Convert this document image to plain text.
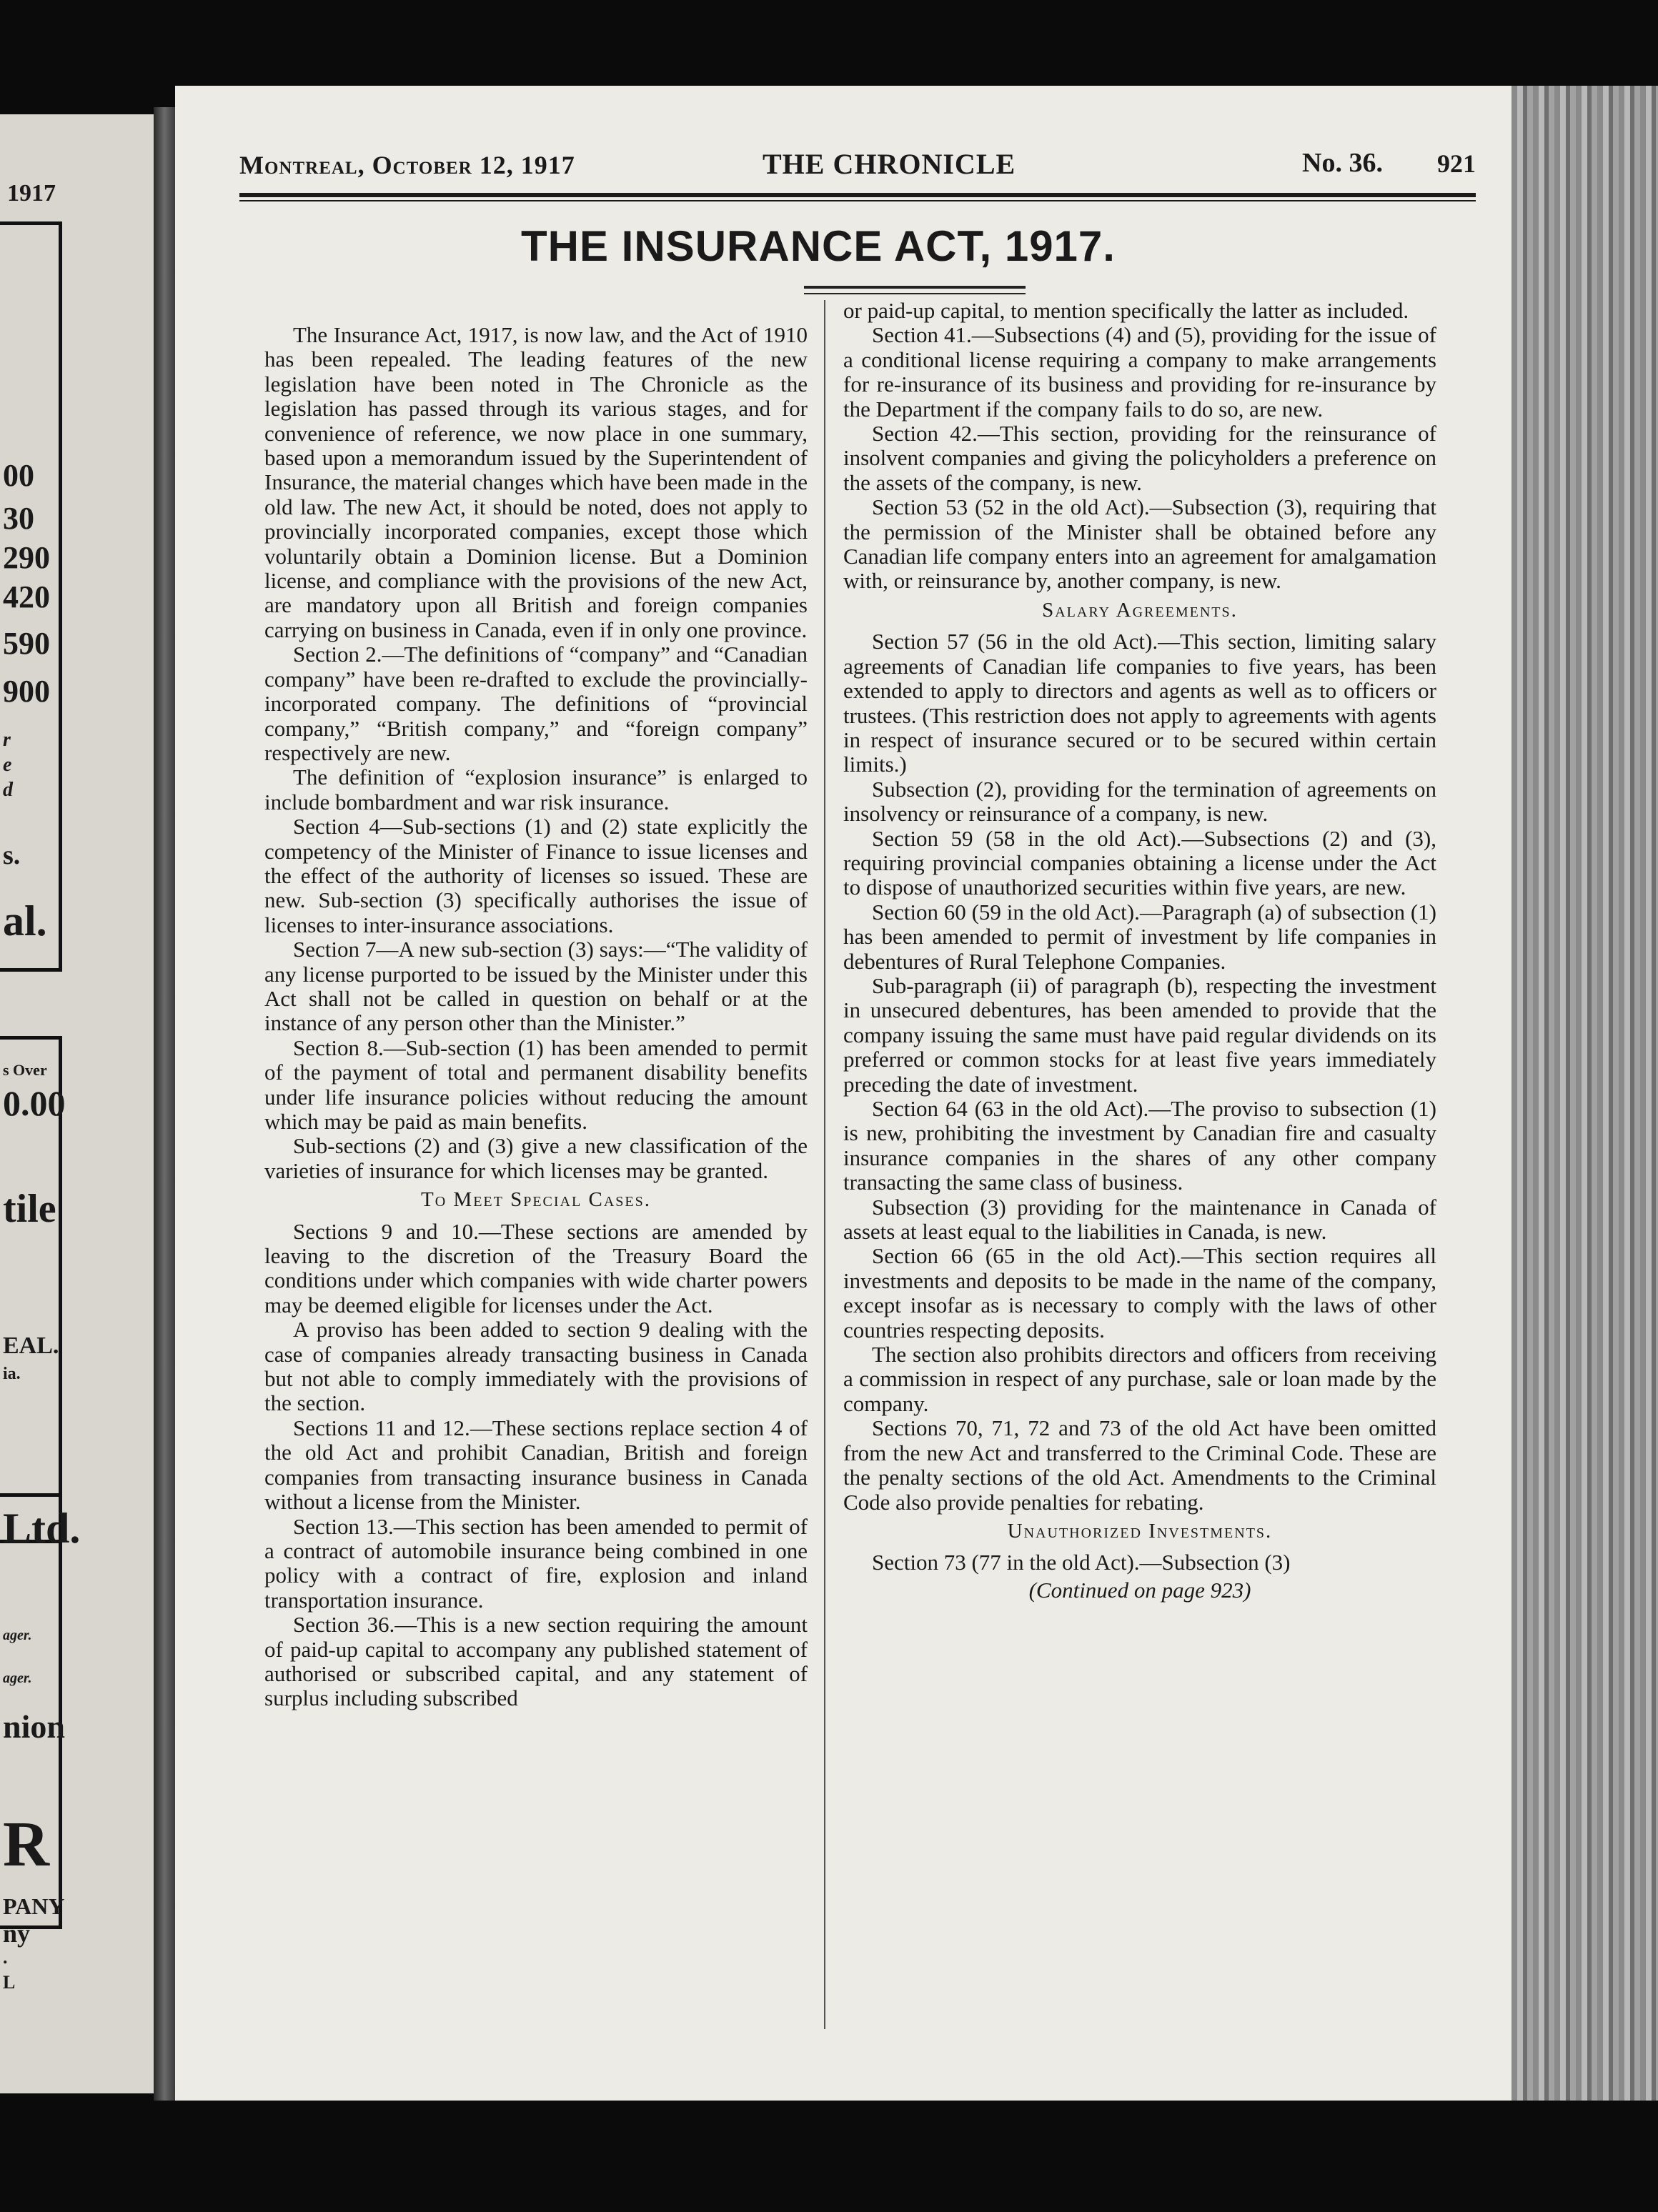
1917
00
30
290
420
590
900
r
e
d
s.
al.
s Over
0.00
tile
EAL.
ia.
Ltd.
ager.
ager.
nion
R
PANY
ny
.
L
Montreal, October 12, 1917	THE CHRONICLE	No. 36. 921
THE INSURANCE ACT, 1917.

The Insurance Act, 1917, is now law, and the Act of 1910 has been repealed. The leading features of the new legislation have been noted in The Chronicle as the legislation has passed through its various stages, and for convenience of reference, we now place in one summary, based upon a memorandum issued by the Superintendent of Insurance, the material changes which have been made in the old law. The new Act, it should be noted, does not apply to provincially incorporated companies, except those which voluntarily obtain a Dominion license. But a Dominion license, and compliance with the provisions of the new Act, are mandatory upon all British and foreign companies carrying on business in Canada, even if in only one province.

Section 2.—The definitions of “company” and “Canadian company” have been re-drafted to exclude the provincially-incorporated company. The definitions of “provincial company,” “British company,” and “foreign company” respectively are new.

The definition of “explosion insurance” is enlarged to include bombardment and war risk insurance.

Section 4—Sub-sections (1) and (2) state explicitly the competency of the Minister of Finance to issue licenses and the effect of the authority of licenses so issued. These are new. Sub-section (3) specifically authorises the issue of licenses to inter-insurance associations.

Section 7—A new sub-section (3) says:—“The validity of any license purported to be issued by the Minister under this Act shall not be called in question on behalf or at the instance of any person other than the Minister.”

Section 8.—Sub-section (1) has been amended to permit of the payment of total and permanent disability benefits under life insurance policies without reducing the amount which may be paid as main benefits.

Sub-sections (2) and (3) give a new classification of the varieties of insurance for which licenses may be granted.

To Meet Special Cases.

Sections 9 and 10.—These sections are amended by leaving to the discretion of the Treasury Board the conditions under which companies with wide charter powers may be deemed eligible for licenses under the Act.

A proviso has been added to section 9 dealing with the case of companies already transacting business in Canada but not able to comply immediately with the provisions of the section.

Sections 11 and 12.—These sections replace section 4 of the old Act and prohibit Canadian, British and foreign companies from transacting insurance business in Canada without a license from the Minister.

Section 13.—This section has been amended to permit of a contract of automobile insurance being combined in one policy with a contract of fire, explosion and inland transportation insurance.

Section 36.—This is a new section requiring the amount of paid-up capital to accompany any published statement of authorised or subscribed capital, and any statement of surplus including subscribed

or paid-up capital, to mention specifically the latter as included.

Section 41.—Subsections (4) and (5), providing for the issue of a conditional license requiring a company to make arrangements for re-insurance of its business and providing for re-insurance by the Department if the company fails to do so, are new.

Section 42.—This section, providing for the reinsurance of insolvent companies and giving the policyholders a preference on the assets of the company, is new.

Section 53 (52 in the old Act).—Subsection (3), requiring that the permission of the Minister shall be obtained before any Canadian life company enters into an agreement for amalgamation with, or reinsurance by, another company, is new.

Salary Agreements.

Section 57 (56 in the old Act).—This section, limiting salary agreements of Canadian life companies to five years, has been extended to apply to directors and agents as well as to officers or trustees. (This restriction does not apply to agreements with agents in respect of insurance secured or to be secured within certain limits.)

Subsection (2), providing for the termination of agreements on insolvency or reinsurance of a company, is new.

Section 59 (58 in the old Act).—Subsections (2) and (3), requiring provincial companies obtaining a license under the Act to dispose of unauthorized securities within five years, are new.

Section 60 (59 in the old Act).—Paragraph (a) of subsection (1) has been amended to permit of investment by life companies in debentures of Rural Telephone Companies.

Sub-paragraph (ii) of paragraph (b), respecting the investment in unsecured debentures, has been amended to provide that the company issuing the same must have paid regular dividends on its preferred or common stocks for at least five years immediately preceding the date of investment.

Section 64 (63 in the old Act).—The proviso to subsection (1) is new, prohibiting the investment by Canadian fire and casualty insurance companies in the shares of any other company transacting the same class of business.

Subsection (3) providing for the maintenance in Canada of assets at least equal to the liabilities in Canada, is new.

Section 66 (65 in the old Act).—This section requires all investments and deposits to be made in the name of the company, except insofar as is necessary to comply with the laws of other countries respecting deposits.

The section also prohibits directors and officers from receiving a commission in respect of any purchase, sale or loan made by the company.

Sections 70, 71, 72 and 73 of the old Act have been omitted from the new Act and transferred to the Criminal Code. These are the penalty sections of the old Act. Amendments to the Criminal Code also provide penalties for rebating.

Unauthorized Investments.

Section 73 (77 in the old Act).—Subsection (3)

(Continued on page 923)
